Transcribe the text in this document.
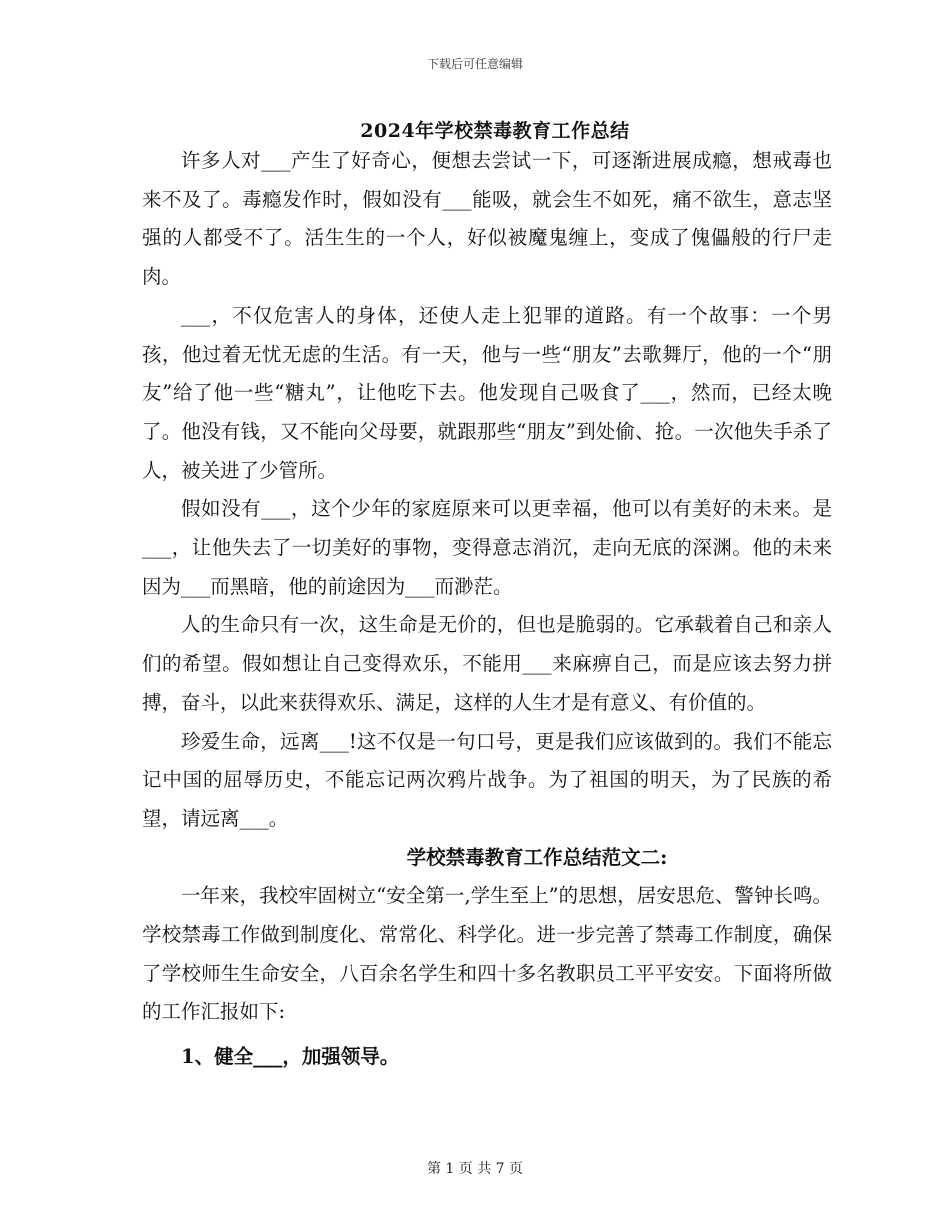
下载后可任意编辑
2024年学校禁毒教育工作总结

许多人对___产生了好奇心，便想去尝试一下，可逐渐进展成瘾，想戒毒也来不及了。毒瘾发作时，假如没有___能吸，就会生不如死，痛不欲生，意志坚强的人都受不了。活生生的一个人，好似被魔鬼缠上，变成了傀儡般的行尸走肉。

___，不仅危害人的身体，还使人走上犯罪的道路。有一个故事：一个男孩，他过着无忧无虑的生活。有一天，他与一些“朋友”去歌舞厅，他的一个“朋友”给了他一些“糖丸”，让他吃下去。他发现自己吸食了___，然而，已经太晚了。他没有钱，又不能向父母要，就跟那些“朋友”到处偷、抢。一次他失手杀了人，被关进了少管所。

假如没有___，这个少年的家庭原来可以更幸福，他可以有美好的未来。是___，让他失去了一切美好的事物，变得意志消沉，走向无底的深渊。他的未来因为___而黑暗，他的前途因为___而渺茫。

人的生命只有一次，这生命是无价的，但也是脆弱的。它承载着自己和亲人们的希望。假如想让自己变得欢乐，不能用___来麻痹自己，而是应该去努力拼搏，奋斗，以此来获得欢乐、满足，这样的人生才是有意义、有价值的。

珍爱生命，远离___!这不仅是一句口号，更是我们应该做到的。我们不能忘记中国的屈辱历史，不能忘记两次鸦片战争。为了祖国的明天，为了民族的希望，请远离___。

学校禁毒教育工作总结范文二:

一年来，我校牢固树立“安全第一,学生至上”的思想，居安思危、警钟长鸣。学校禁毒工作做到制度化、常常化、科学化。进一步完善了禁毒工作制度，确保了学校师生生命安全，八百余名学生和四十多名教职员工平平安安。下面将所做的工作汇报如下:

1、健全___，加强领导。

第 1 页 共 7 页
